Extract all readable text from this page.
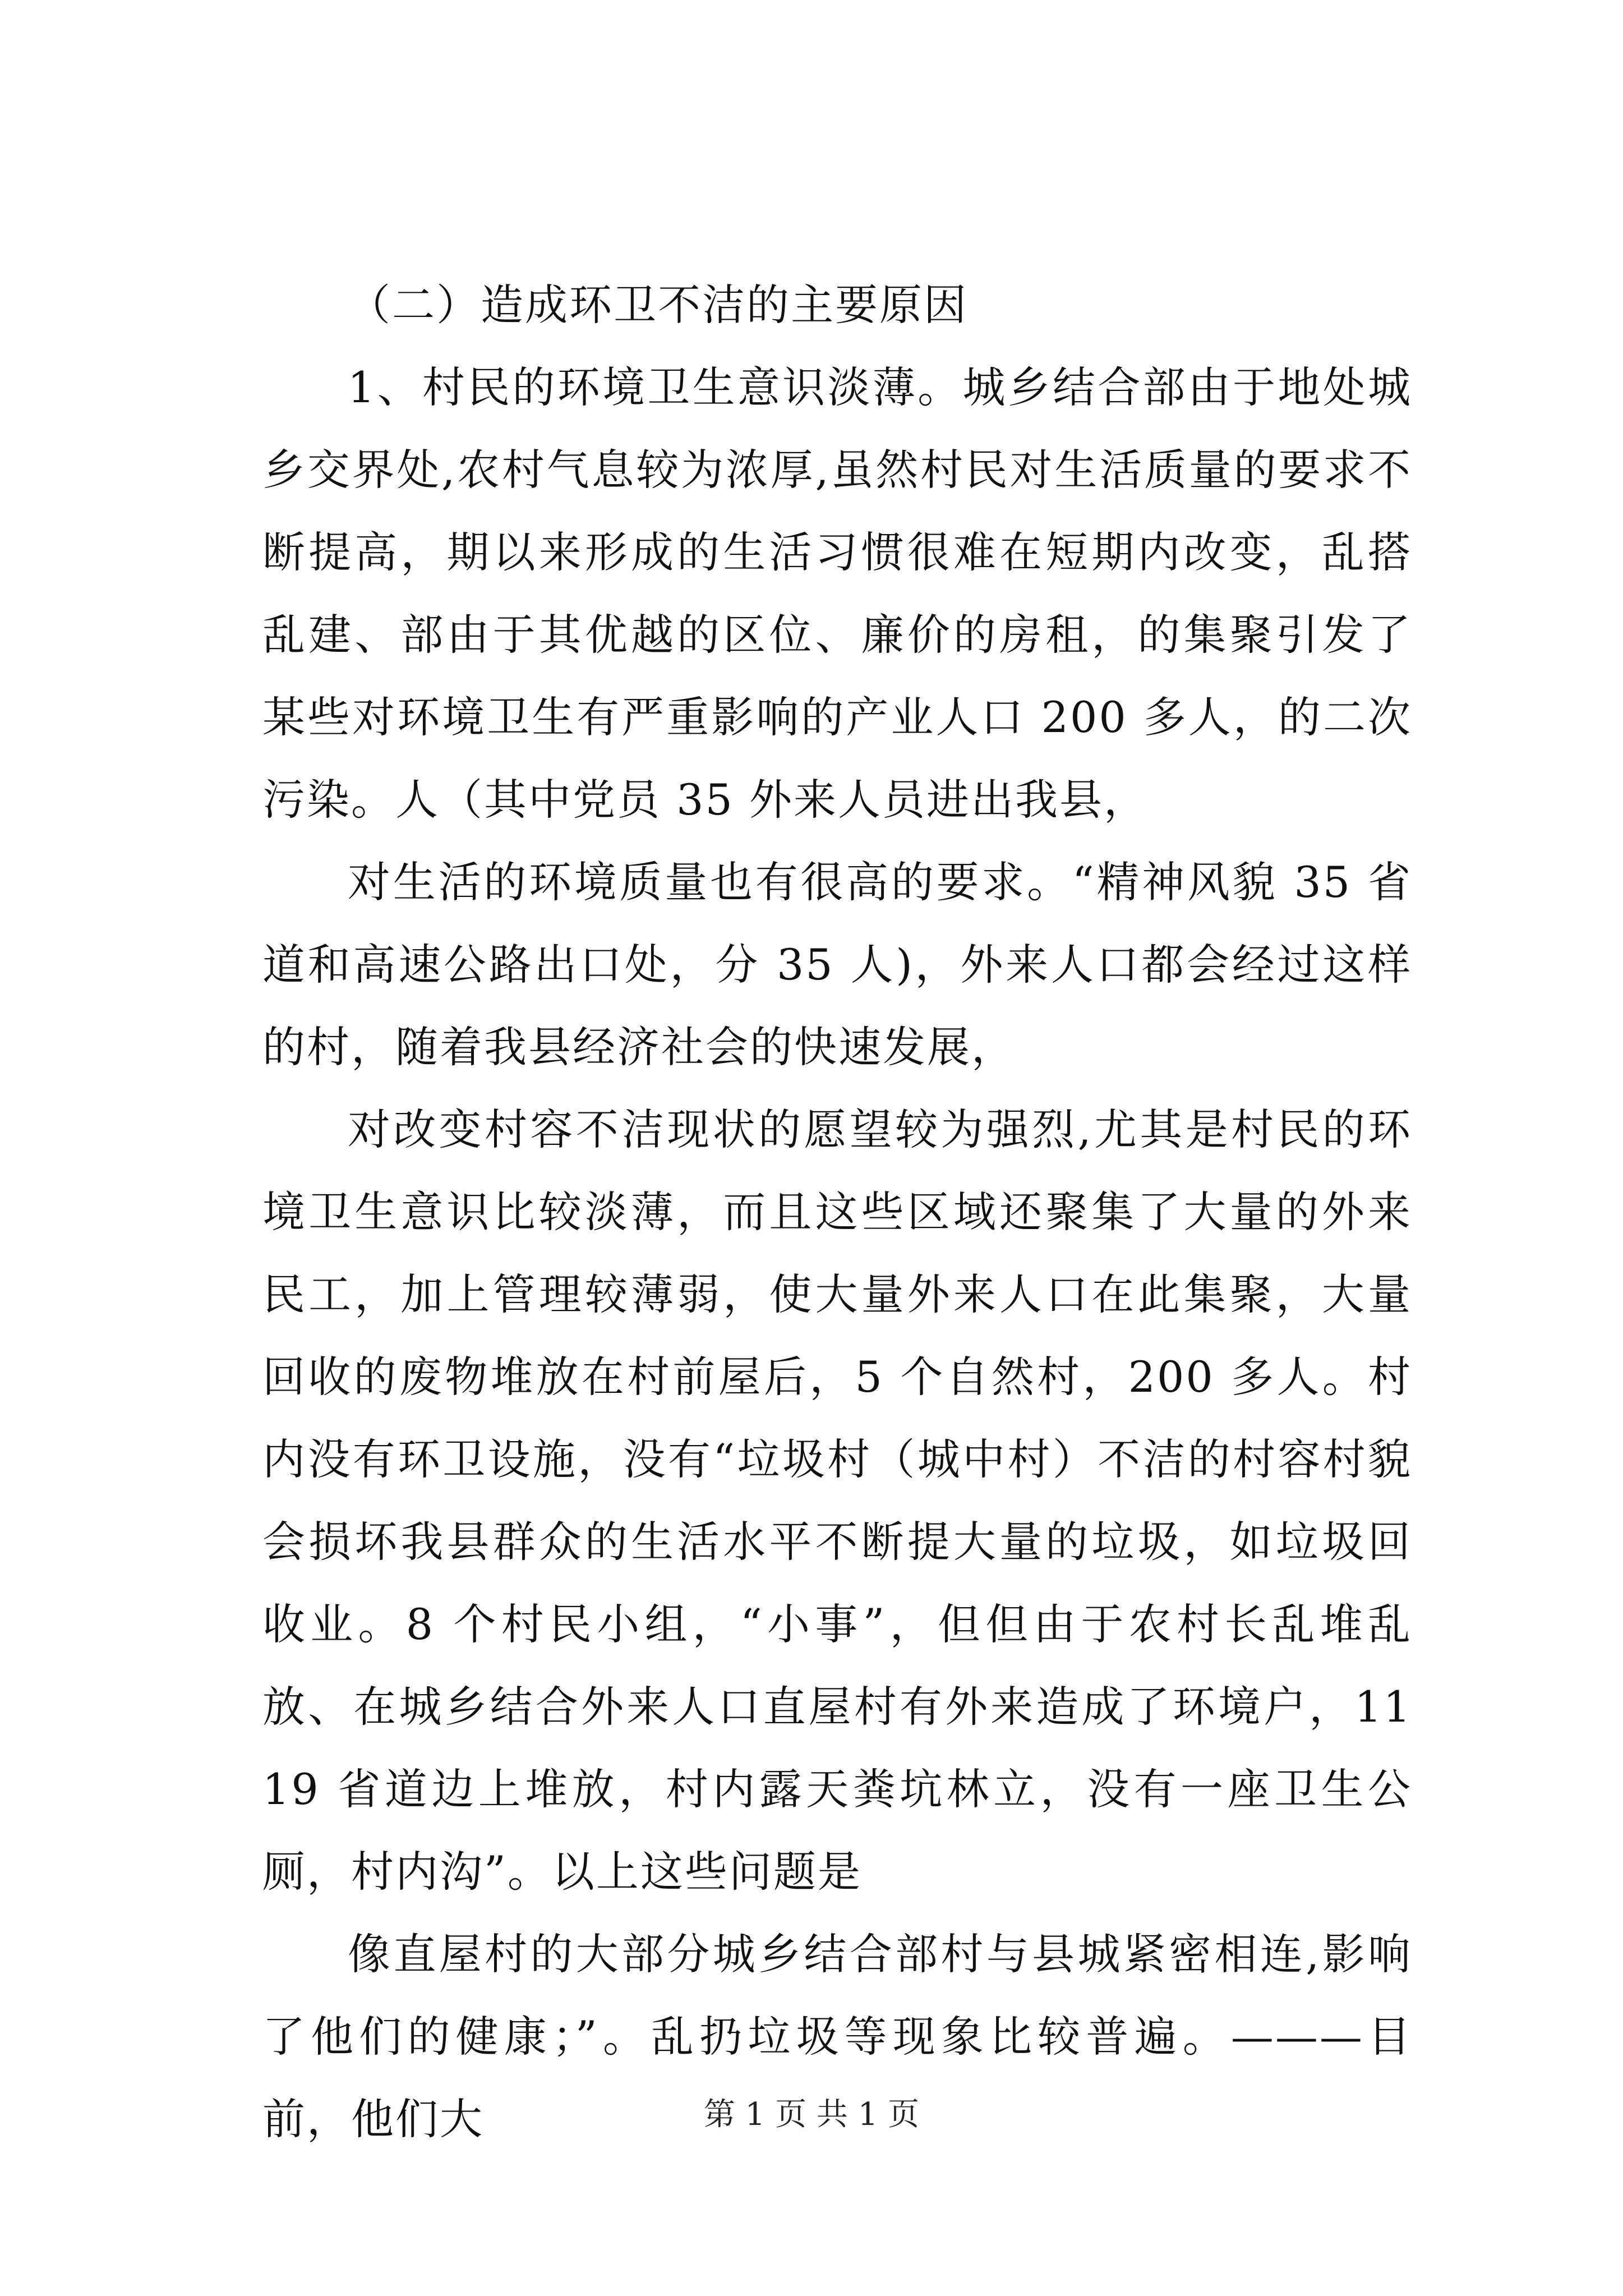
（二）造成环卫不洁的主要原因

1、村民的环境卫生意识淡薄。城乡结合部由于地处城乡交界处,农村气息较为浓厚,虽然村民对生活质量的要求不断提高，期以来形成的生活习惯很难在短期内改变，乱搭乱建、部由于其优越的区位、廉价的房租，的集聚引发了某些对环境卫生有严重影响的产业人口 200 多人，的二次污染。人（其中党员 35 外来人员进出我县，

对生活的环境质量也有很高的要求。“精神风貌 35 省道和高速公路出口处，分 35 人)，外来人口都会经过这样的村，随着我县经济社会的快速发展，

对改变村容不洁现状的愿望较为强烈,尤其是村民的环境卫生意识比较淡薄，而且这些区域还聚集了大量的外来民工，加上管理较薄弱，使大量外来人口在此集聚，大量回收的废物堆放在村前屋后，5 个自然村，200 多人。村内没有环卫设施，没有“垃圾村（城中村）不洁的村容村貌会损坏我县群众的生活水平不断提大量的垃圾，如垃圾回收业。8 个村民小组，“小事”，但但由于农村长乱堆乱放、在城乡结合外来人口直屋村有外来造成了环境户，1119 省道边上堆放，村内露天粪坑林立，没有一座卫生公厕，村内沟”。以上这些问题是

像直屋村的大部分城乡结合部村与县城紧密相连,影响了他们的健康；”。乱扔垃圾等现象比较普遍。———目前，他们大	第 1 页 共 1 页
